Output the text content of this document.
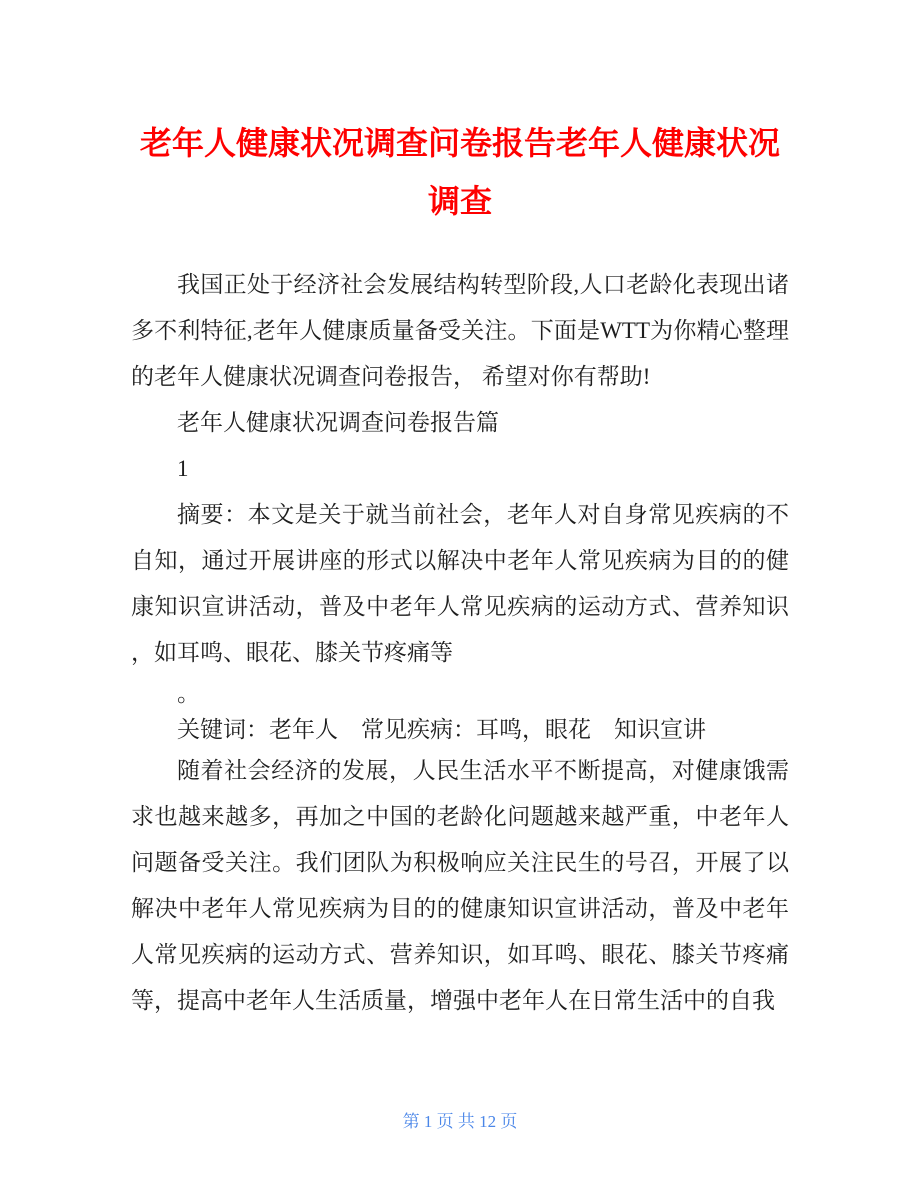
老年人健康状况调查问卷报告老年人健康状况调查

我国正处于经济社会发展结构转型阶段,人口老龄化表现出诸多不利特征,老年人健康质量备受关注。下面是WTT为你精心整理的老年人健康状况调查问卷报告， 希望对你有帮助!

老年人健康状况调查问卷报告篇

1

摘要：本文是关于就当前社会，老年人对自身常见疾病的不自知，通过开展讲座的形式以解决中老年人常见疾病为目的的健康知识宣讲活动，普及中老年人常见疾病的运动方式、营养知识，如耳鸣、眼花、膝关节疼痛等

。

关键词：老年人　常见疾病：耳鸣，眼花　知识宣讲

随着社会经济的发展，人民生活水平不断提高，对健康饿需求也越来越多，再加之中国的老龄化问题越来越严重，中老年人问题备受关注。我们团队为积极响应关注民生的号召，开展了以解决中老年人常见疾病为目的的健康知识宣讲活动，普及中老年人常见疾病的运动方式、营养知识，如耳鸣、眼花、膝关节疼痛等，提高中老年人生活质量，增强中老年人在日常生活中的自我

第 1 页 共 12 页
